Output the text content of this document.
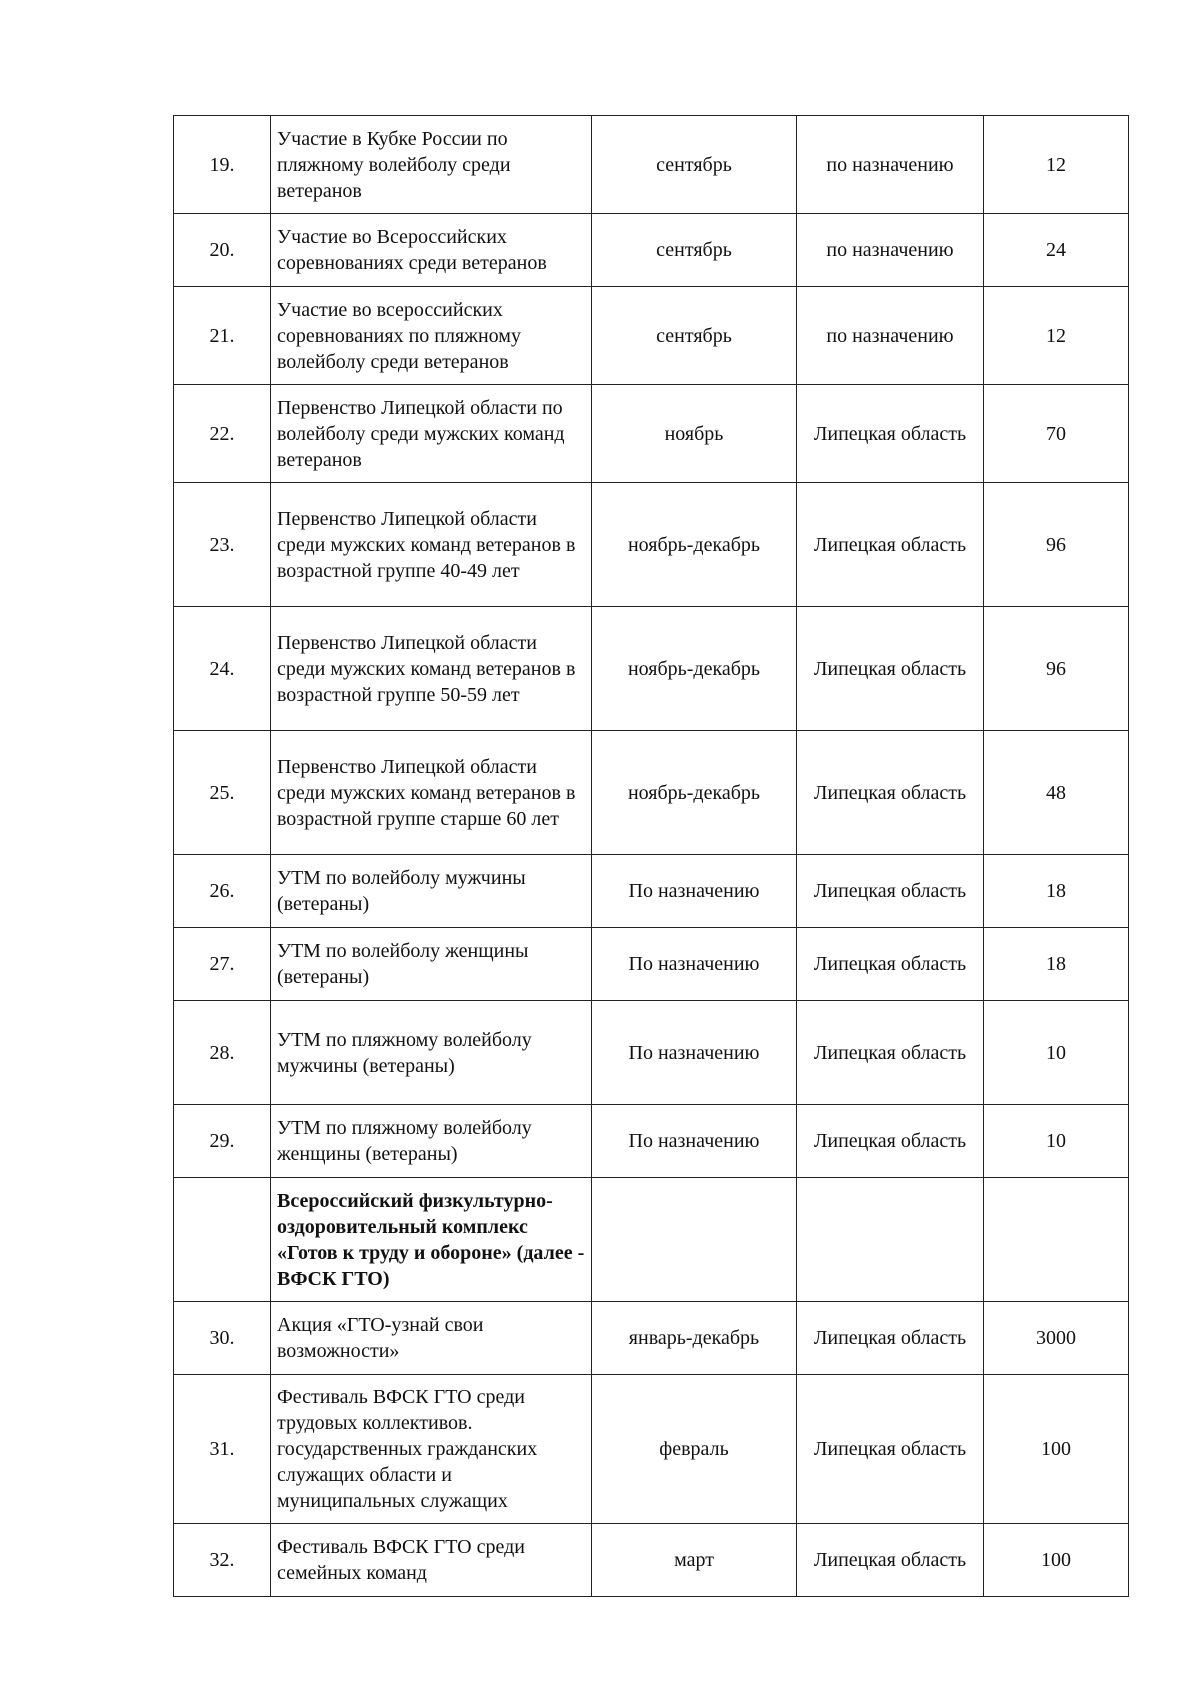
19.	Участие в Кубке России по пляжному волейболу среди ветеранов	сентябрь	по назначению	12
20.	Участие во Всероссийских соревнованиях среди ветеранов	сентябрь	по назначению	24
21.	Участие во всероссийских соревнованиях по пляжному волейболу среди ветеранов	сентябрь	по назначению	12
22.	Первенство Липецкой области по волейболу среди мужских команд ветеранов	ноябрь	Липецкая область	70
23.	Первенство Липецкой области среди мужских команд ветеранов в возрастной группе 40-49 лет	ноябрь-декабрь	Липецкая область	96
24.	Первенство Липецкой области среди мужских команд ветеранов в возрастной группе 50-59 лет	ноябрь-декабрь	Липецкая область	96
25.	Первенство Липецкой области среди мужских команд ветеранов в возрастной группе старше 60 лет	ноябрь-декабрь	Липецкая область	48
26.	УТМ по волейболу мужчины (ветераны)	По назначению	Липецкая область	18
27.	УТМ по волейболу женщины (ветераны)	По назначению	Липецкая область	18
28.	УТМ по пляжному волейболу мужчины (ветераны)	По назначению	Липецкая область	10
29.	УТМ по пляжному волейболу женщины (ветераны)	По назначению	Липецкая область	10
	Всероссийский физкультурно-оздоровительный комплекс «Готов к труду и обороне» (далее - ВФСК ГТО)			
30.	Акция «ГТО-узнай свои возможности»	январь-декабрь	Липецкая область	3000
31.	Фестиваль ВФСК ГТО среди трудовых коллективов. государственных гражданских служащих области и муниципальных служащих	февраль	Липецкая область	100
32.	Фестиваль ВФСК ГТО среди семейных команд	март	Липецкая область	100
